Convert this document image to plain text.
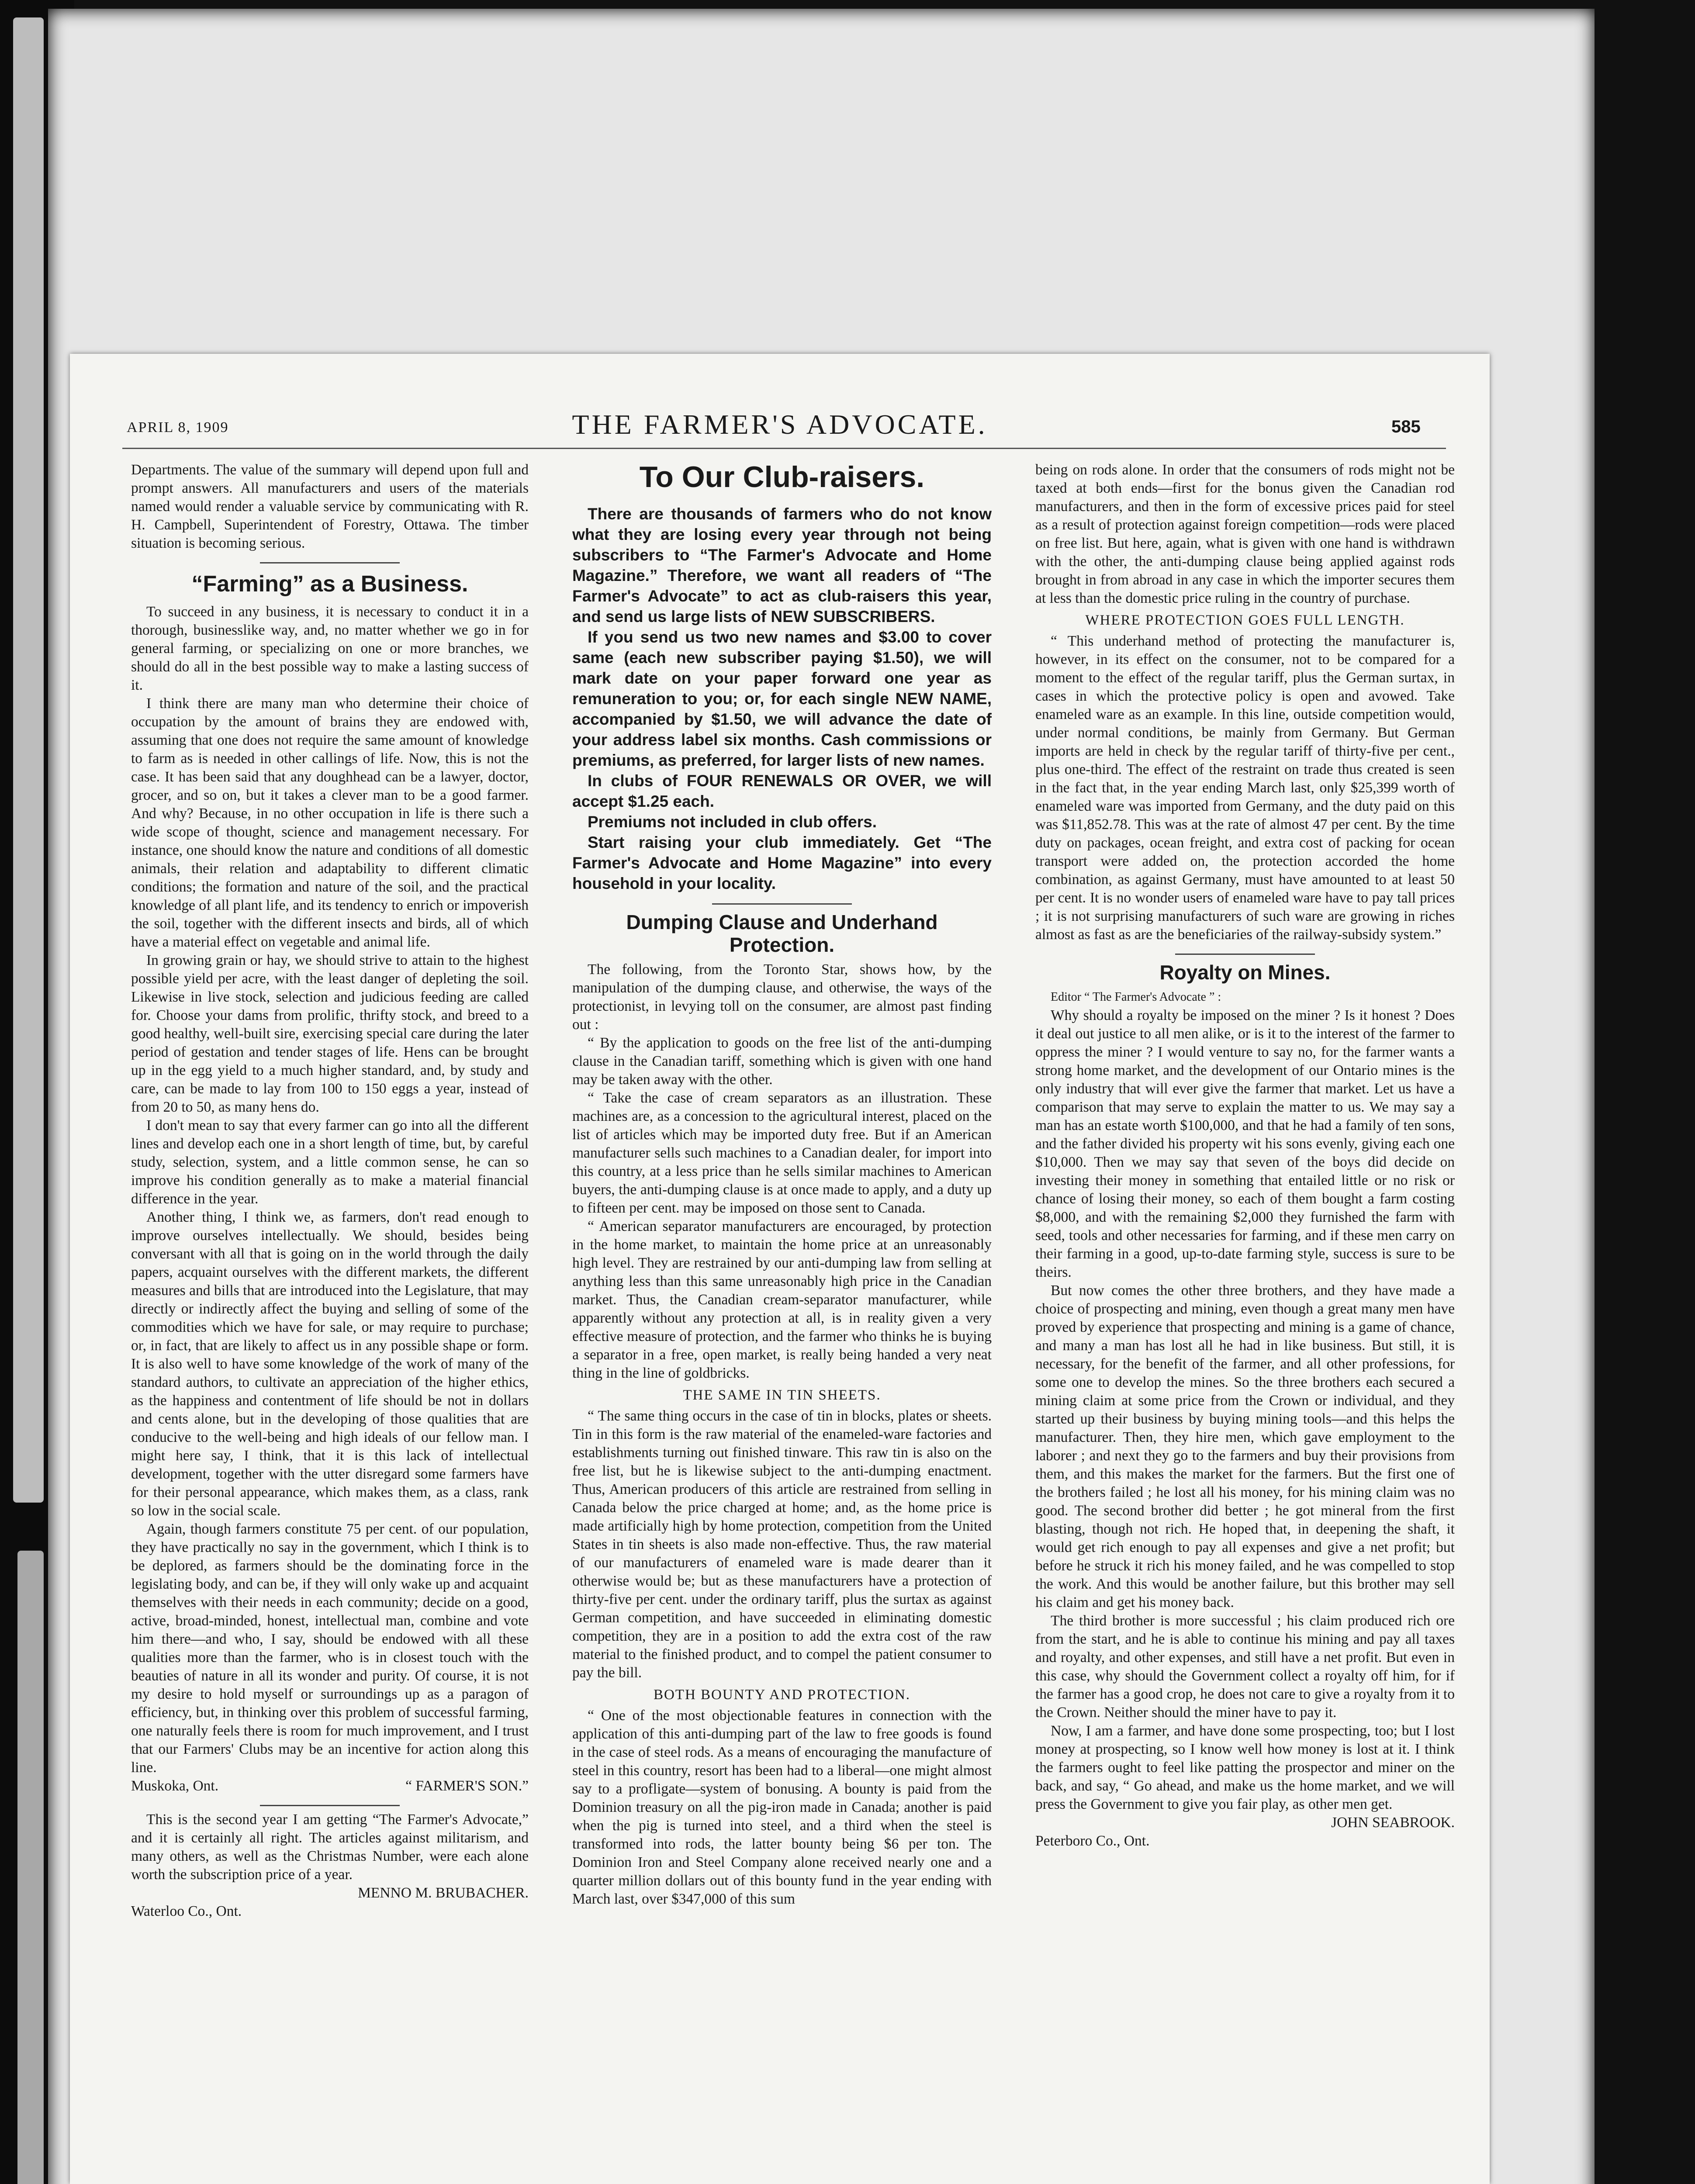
APRIL 8, 1909	THE FARMER'S ADVOCATE.	585

Departments. The value of the summary will depend upon full and prompt answers. All manufacturers and users of the materials named would render a valuable service by communicating with R. H. Campbell, Superintendent of Forestry, Ottawa. The timber situation is becoming serious.

“Farming” as a Business.

To succeed in any business, it is necessary to conduct it in a thorough, businesslike way, and, no matter whether we go in for general farming, or specializing on one or more branches, we should do all in the best possible way to make a lasting success of it.

I think there are many man who determine their choice of occupation by the amount of brains they are endowed with, assuming that one does not require the same amount of knowledge to farm as is needed in other callings of life. Now, this is not the case. It has been said that any doughhead can be a lawyer, doctor, grocer, and so on, but it takes a clever man to be a good farmer. And why? Because, in no other occupation in life is there such a wide scope of thought, science and management necessary. For instance, one should know the nature and conditions of all domestic animals, their relation and adaptability to different climatic conditions; the formation and nature of the soil, and the practical knowledge of all plant life, and its tendency to enrich or impoverish the soil, together with the different insects and birds, all of which have a material effect on vegetable and animal life.

In growing grain or hay, we should strive to attain to the highest possible yield per acre, with the least danger of depleting the soil. Likewise in live stock, selection and judicious feeding are called for. Choose your dams from prolific, thrifty stock, and breed to a good healthy, well-built sire, exercising special care during the later period of gestation and tender stages of life. Hens can be brought up in the egg yield to a much higher standard, and, by study and care, can be made to lay from 100 to 150 eggs a year, instead of from 20 to 50, as many hens do.

I don't mean to say that every farmer can go into all the different lines and develop each one in a short length of time, but, by careful study, selection, system, and a little common sense, he can so improve his condition generally as to make a material financial difference in the year.

Another thing, I think we, as farmers, don't read enough to improve ourselves intellectually. We should, besides being conversant with all that is going on in the world through the daily papers, acquaint ourselves with the different markets, the different measures and bills that are introduced into the Legislature, that may directly or indirectly affect the buying and selling of some of the commodities which we have for sale, or may require to purchase; or, in fact, that are likely to affect us in any possible shape or form. It is also well to have some knowledge of the work of many of the standard authors, to cultivate an appreciation of the higher ethics, as the happiness and contentment of life should be not in dollars and cents alone, but in the developing of those qualities that are conducive to the well-being and high ideals of our fellow man. I might here say, I think, that it is this lack of intellectual development, together with the utter disregard some farmers have for their personal appearance, which makes them, as a class, rank so low in the social scale.

Again, though farmers constitute 75 per cent. of our population, they have practically no say in the government, which I think is to be deplored, as farmers should be the dominating force in the legislating body, and can be, if they will only wake up and acquaint themselves with their needs in each community; decide on a good, active, broad-minded, honest, intellectual man, combine and vote him there—and who, I say, should be endowed with all these qualities more than the farmer, who is in closest touch with the beauties of nature in all its wonder and purity. Of course, it is not my desire to hold myself or surroundings up as a paragon of efficiency, but, in thinking over this problem of successful farming, one naturally feels there is room for much improvement, and I trust that our Farmers' Clubs may be an incentive for action along this line.

Muskoka, Ont.	“ FARMER'S SON.”

This is the second year I am getting “The Farmer's Advocate,” and it is certainly all right. The articles against militarism, and many others, as well as the Christmas Number, were each alone worth the subscription price of a year.

MENNO M. BRUBACHER.

Waterloo Co., Ont.

To Our Club-raisers.

There are thousands of farmers who do not know what they are losing every year through not being subscribers to “The Farmer's Advocate and Home Magazine.” Therefore, we want all readers of “The Farmer's Advocate” to act as club-raisers this year, and send us large lists of NEW SUBSCRIBERS.

If you send us two new names and $3.00 to cover same (each new subscriber paying $1.50), we will mark date on your paper forward one year as remuneration to you; or, for each single NEW NAME, accompanied by $1.50, we will advance the date of your address label six months. Cash commissions or premiums, as preferred, for larger lists of new names.

In clubs of FOUR RENEWALS OR OVER, we will accept $1.25 each.

Premiums not included in club offers.

Start raising your club immediately. Get “The Farmer's Advocate and Home Magazine” into every household in your locality.

Dumping Clause and Underhand Protection.

The following, from the Toronto Star, shows how, by the manipulation of the dumping clause, and otherwise, the ways of the protectionist, in levying toll on the consumer, are almost past finding out :

“ By the application to goods on the free list of the anti-dumping clause in the Canadian tariff, something which is given with one hand may be taken away with the other.

“ Take the case of cream separators as an illustration. These machines are, as a concession to the agricultural interest, placed on the list of articles which may be imported duty free. But if an American manufacturer sells such machines to a Canadian dealer, for import into this country, at a less price than he sells similar machines to American buyers, the anti-dumping clause is at once made to apply, and a duty up to fifteen per cent. may be imposed on those sent to Canada.

“ American separator manufacturers are encouraged, by protection in the home market, to maintain the home price at an unreasonably high level. They are restrained by our anti-dumping law from selling at anything less than this same unreasonably high price in the Canadian market. Thus, the Canadian cream-separator manufacturer, while apparently without any protection at all, is in reality given a very effective measure of protection, and the farmer who thinks he is buying a separator in a free, open market, is really being handed a very neat thing in the line of goldbricks.

THE SAME IN TIN SHEETS.

“ The same thing occurs in the case of tin in blocks, plates or sheets. Tin in this form is the raw material of the enameled-ware factories and establishments turning out finished tinware. This raw tin is also on the free list, but he is likewise subject to the anti-dumping enactment. Thus, American producers of this article are restrained from selling in Canada below the price charged at home; and, as the home price is made artificially high by home protection, competition from the United States in tin sheets is also made non-effective. Thus, the raw material of our manufacturers of enameled ware is made dearer than it otherwise would be; but as these manufacturers have a protection of thirty-five per cent. under the ordinary tariff, plus the surtax as against German competition, and have succeeded in eliminating domestic competition, they are in a position to add the extra cost of the raw material to the finished product, and to compel the patient consumer to pay the bill.

BOTH BOUNTY AND PROTECTION.

“ One of the most objectionable features in connection with the application of this anti-dumping part of the law to free goods is found in the case of steel rods. As a means of encouraging the manufacture of steel in this country, resort has been had to a liberal—one might almost say to a profligate—system of bonusing. A bounty is paid from the Dominion treasury on all the pig-iron made in Canada; another is paid when the pig is turned into steel, and a third when the steel is transformed into rods, the latter bounty being $6 per ton. The Dominion Iron and Steel Company alone received nearly one and a quarter million dollars out of this bounty fund in the year ending with March last, over $347,000 of this sum

being on rods alone. In order that the consumers of rods might not be taxed at both ends—first for the bonus given the Canadian rod manufacturers, and then in the form of excessive prices paid for steel as a result of protection against foreign competition—rods were placed on free list. But here, again, what is given with one hand is withdrawn with the other, the anti-dumping clause being applied against rods brought in from abroad in any case in which the importer secures them at less than the domestic price ruling in the country of purchase.

WHERE PROTECTION GOES FULL LENGTH.

“ This underhand method of protecting the manufacturer is, however, in its effect on the consumer, not to be compared for a moment to the effect of the regular tariff, plus the German surtax, in cases in which the protective policy is open and avowed. Take enameled ware as an example. In this line, outside competition would, under normal conditions, be mainly from Germany. But German imports are held in check by the regular tariff of thirty-five per cent., plus one-third. The effect of the restraint on trade thus created is seen in the fact that, in the year ending March last, only $25,399 worth of enameled ware was imported from Germany, and the duty paid on this was $11,852.78. This was at the rate of almost 47 per cent. By the time duty on packages, ocean freight, and extra cost of packing for ocean transport were added on, the protection accorded the home combination, as against Germany, must have amounted to at least 50 per cent. It is no wonder users of enameled ware have to pay tall prices ; it is not surprising manufacturers of such ware are growing in riches almost as fast as are the beneficiaries of the railway-subsidy system.”

Royalty on Mines.

Editor “ The Farmer's Advocate ” :

Why should a royalty be imposed on the miner ? Is it honest ? Does it deal out justice to all men alike, or is it to the interest of the farmer to oppress the miner ? I would venture to say no, for the farmer wants a strong home market, and the development of our Ontario mines is the only industry that will ever give the farmer that market. Let us have a comparison that may serve to explain the matter to us. We may say a man has an estate worth $100,000, and that he had a family of ten sons, and the father divided his property wit his sons evenly, giving each one $10,000. Then we may say that seven of the boys did decide on investing their money in something that entailed little or no risk or chance of losing their money, so each of them bought a farm costing $8,000, and with the remaining $2,000 they furnished the farm with seed, tools and other necessaries for farming, and if these men carry on their farming in a good, up-to-date farming style, success is sure to be theirs.

But now comes the other three brothers, and they have made a choice of prospecting and mining, even though a great many men have proved by experience that prospecting and mining is a game of chance, and many a man has lost all he had in like business. But still, it is necessary, for the benefit of the farmer, and all other professions, for some one to develop the mines. So the three brothers each secured a mining claim at some price from the Crown or individual, and they started up their business by buying mining tools—and this helps the manufacturer. Then, they hire men, which gave employment to the laborer ; and next they go to the farmers and buy their provisions from them, and this makes the market for the farmers. But the first one of the brothers failed ; he lost all his money, for his mining claim was no good. The second brother did better ; he got mineral from the first blasting, though not rich. He hoped that, in deepening the shaft, it would get rich enough to pay all expenses and give a net profit; but before he struck it rich his money failed, and he was compelled to stop the work. And this would be another failure, but this brother may sell his claim and get his money back.

The third brother is more successful ; his claim produced rich ore from the start, and he is able to continue his mining and pay all taxes and royalty, and other expenses, and still have a net profit. But even in this case, why should the Government collect a royalty off him, for if the farmer has a good crop, he does not care to give a royalty from it to the Crown. Neither should the miner have to pay it.

Now, I am a farmer, and have done some prospecting, too; but I lost money at prospecting, so I know well how money is lost at it. I think the farmers ought to feel like patting the prospector and miner on the back, and say, “ Go ahead, and make us the home market, and we will press the Government to give you fair play, as other men get.

JOHN SEABROOK.

Peterboro Co., Ont.
